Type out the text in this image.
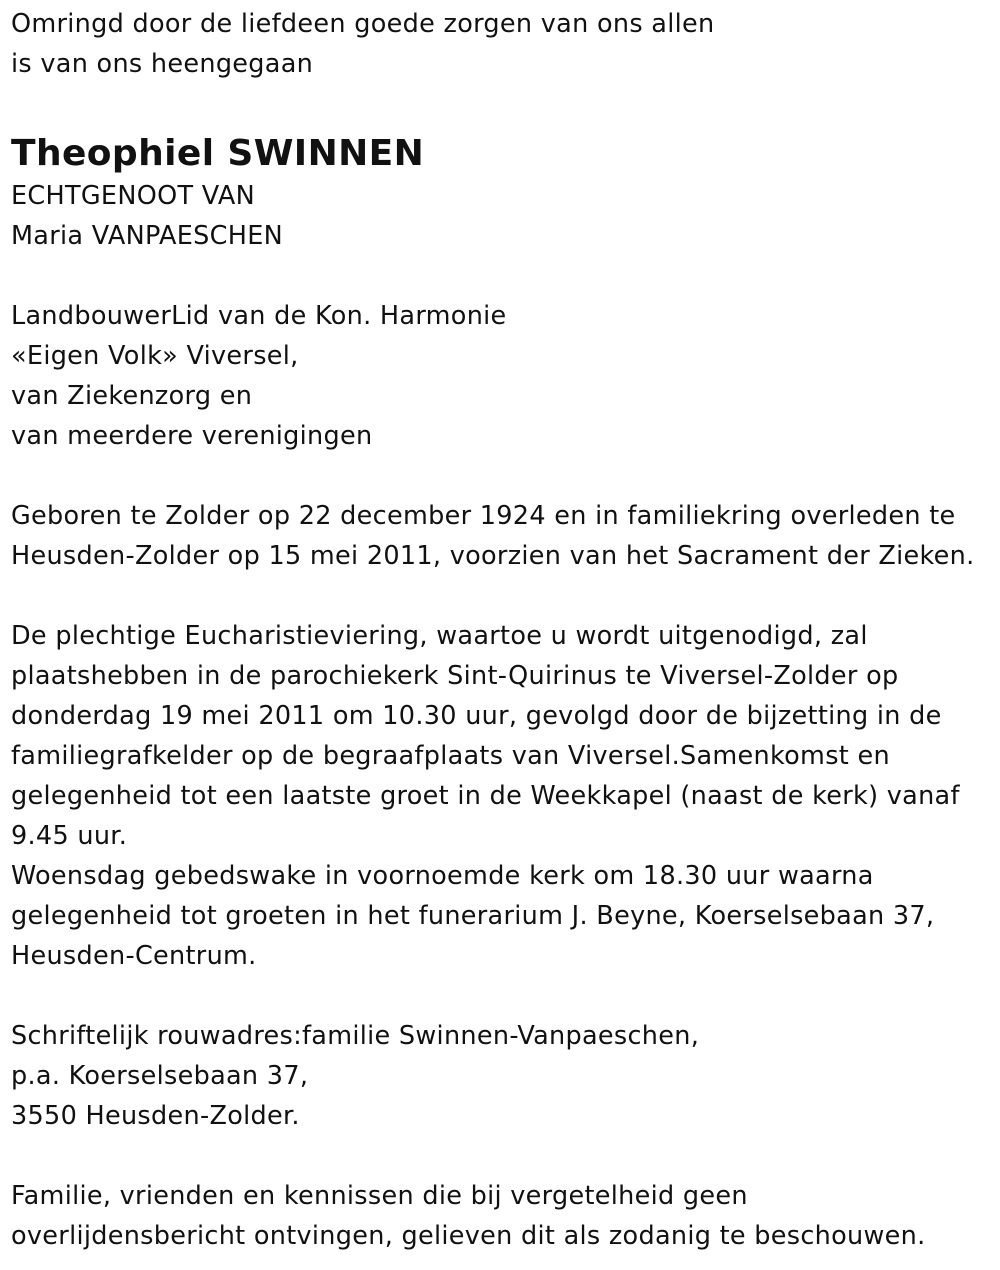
Omringd door de liefdeen goede zorgen van ons allen
is van ons heengegaan
Theophiel SWINNEN
ECHTGENOOT VAN
Maria VANPAESCHEN
LandbouwerLid van de Kon. Harmonie
«Eigen Volk» Viversel,
van Ziekenzorg en
van meerdere verenigingen
Geboren te Zolder op 22 december 1924 en in familiekring overleden te
Heusden-Zolder op 15 mei 2011, voorzien van het Sacrament der Zieken.
De plechtige Eucharistieviering, waartoe u wordt uitgenodigd, zal
plaatshebben in de parochiekerk Sint-Quirinus te Viversel-Zolder op
donderdag 19 mei 2011 om 10.30 uur, gevolgd door de bijzetting in de
familiegrafkelder op de begraafplaats van Viversel.Samenkomst en
gelegenheid tot een laatste groet in de Weekkapel (naast de kerk) vanaf
9.45 uur.
Woensdag gebedswake in voornoemde kerk om 18.30 uur waarna
gelegenheid tot groeten in het funerarium J. Beyne, Koerselsebaan 37,
Heusden-Centrum.
Schriftelijk rouwadres:familie Swinnen-Vanpaeschen,
p.a. Koerselsebaan 37,
3550 Heusden-Zolder.
Familie, vrienden en kennissen die bij vergetelheid geen
overlijdensbericht ontvingen, gelieven dit als zodanig te beschouwen.
